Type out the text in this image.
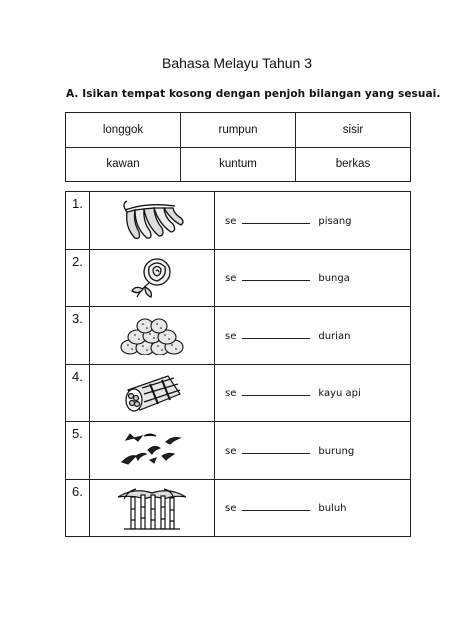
Bahasa Melayu Tahun 3
A. Isikan tempat kosong dengan penjoh bilangan yang sesuai.
longgok	rumpun	sisir
kawan	kuntum	berkas
1.		se pisang
2.		se bunga
3.		se durian
4.		se kayu api
5.		se burung
6.		se buluh
